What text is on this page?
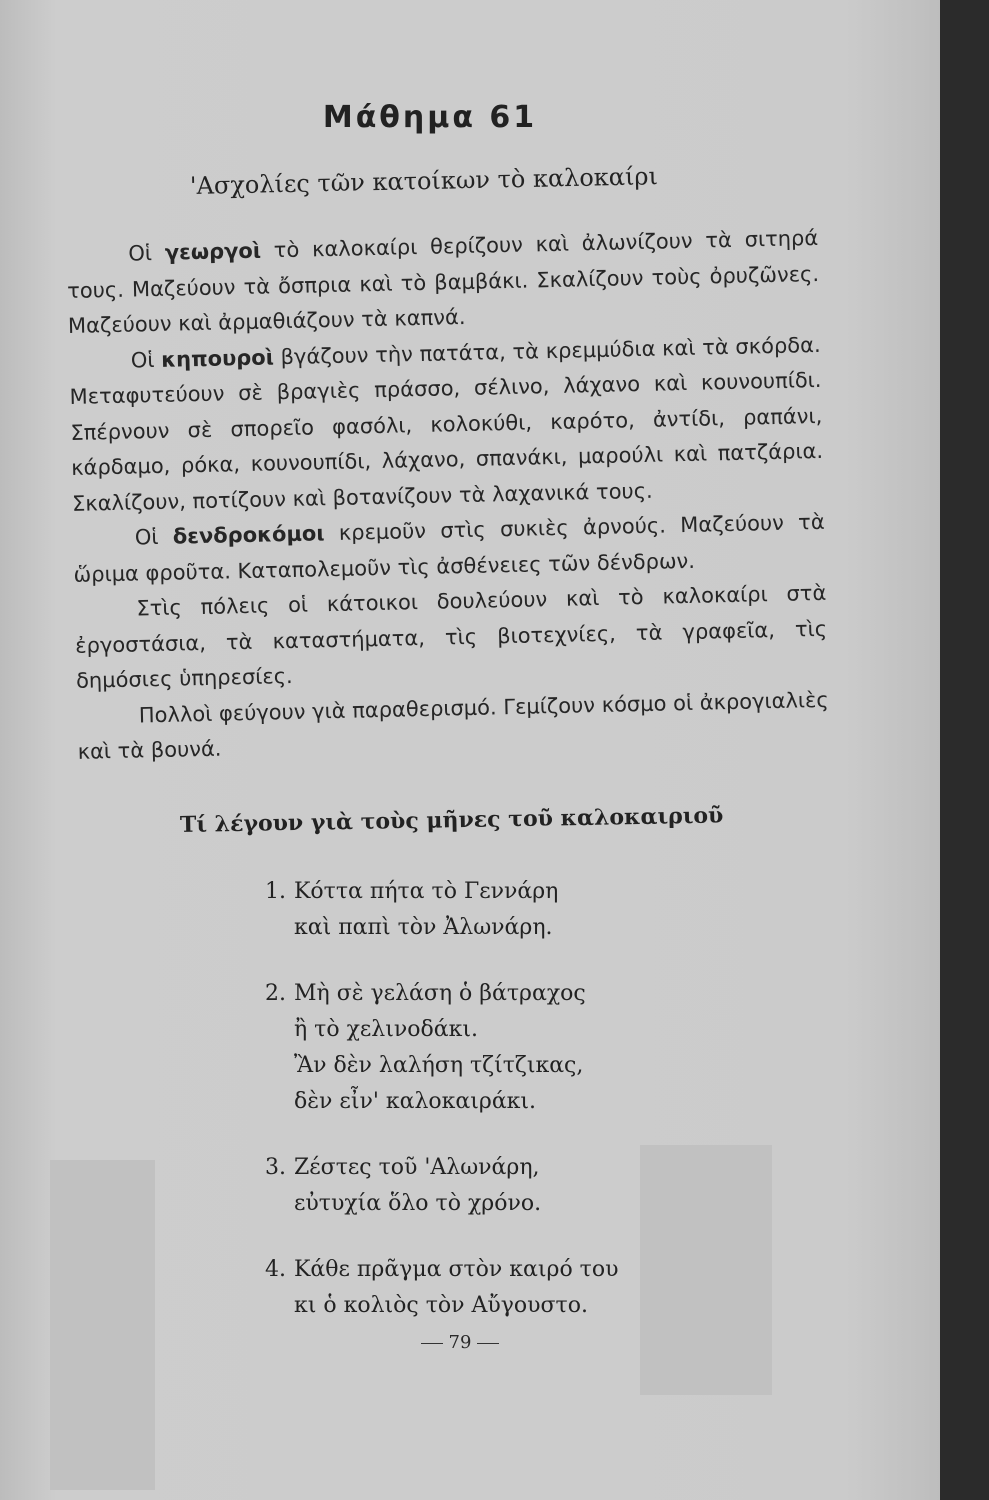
Μάθημα 61
'Ασχολίες τῶν κατοίκων τὸ καλοκαίρι

Οἱ γεωργοὶ τὸ καλοκαίρι θερίζουν καὶ ἀλωνίζουν τὰ σιτηρά τους. Μαζεύουν τὰ ὄσπρια καὶ τὸ βαμβάκι. Σκαλίζουν τοὺς ὀρυζῶνες. Μαζεύουν καὶ ἀρμαθιάζουν τὰ καπνά.

Οἱ κηπουροὶ βγάζουν τὴν πατάτα, τὰ κρεμμύδια καὶ τὰ σκόρδα. Μεταφυτεύουν σὲ βραγιὲς πράσσο, σέλινο, λάχανο καὶ κουνουπίδι. Σπέρνουν σὲ σπορεῖο φασόλι, κολοκύθι, καρότο, ἀντίδι, ραπάνι, κάρδαμο, ρόκα, κουνουπίδι, λάχανο, σπανάκι, μαρούλι καὶ πατζάρια. Σκαλίζουν, ποτίζουν καὶ βοτανίζουν τὰ λαχανικά τους.

Οἱ δενδροκόμοι κρεμοῦν στὶς συκιὲς ἀρνούς. Μαζεύουν τὰ ὥριμα φροῦτα. Καταπολεμοῦν τὶς ἀσθένειες τῶν δένδρων.

Στὶς πόλεις οἱ κάτοικοι δουλεύουν καὶ τὸ καλοκαίρι στὰ ἐργοστάσια, τὰ καταστήματα, τὶς βιοτεχνίες, τὰ γραφεῖα, τὶς δημόσιες ὑπηρεσίες.

Πολλοὶ φεύγουν γιὰ παραθερισμό. Γεμίζουν κόσμο οἱ ἀκρογιαλιὲς καὶ τὰ βουνά.

Τί λέγουν γιὰ τοὺς μῆνες τοῦ καλοκαιριοῦ
1. Κόττα πήτα τὸ Γεννάρη
καὶ παπὶ τὸν Ἀλωνάρη.
2. Μὴ σὲ γελάση ὁ βάτραχος
ἢ τὸ χελινοδάκι.
Ἂν δὲν λαλήση τζίτζικας,
δὲν εἶν' καλοκαιράκι.
3. Ζέστες τοῦ 'Αλωνάρη,
εὐτυχία ὅλο τὸ χρόνο.
4. Κάθε πρᾶγμα στὸν καιρό του
κι ὁ κολιὸς τὸν Αὔγουστο.
79
